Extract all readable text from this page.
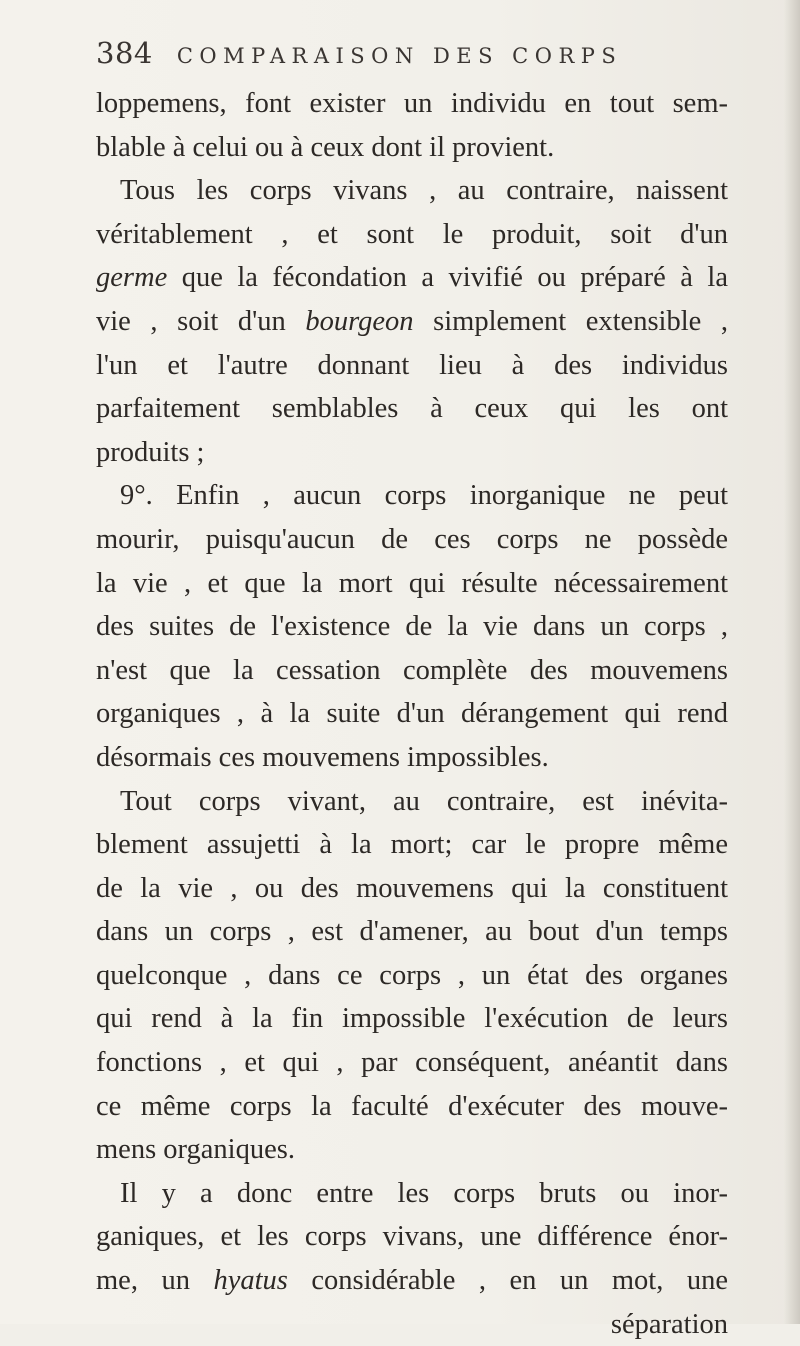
384 COMPARAISON DES CORPS
loppemens, font exister un individu en tout sem-
blable à celui ou à ceux dont il provient.
Tous les corps vivans , au contraire, naissent
véritablement , et sont le produit, soit d'un
germe que la fécondation a vivifié ou préparé à la
vie , soit d'un bourgeon simplement extensible ,
l'un et l'autre donnant lieu à des individus
parfaitement semblables à ceux qui les ont
produits ;
9°. Enfin , aucun corps inorganique ne peut
mourir, puisqu'aucun de ces corps ne possède
la vie , et que la mort qui résulte nécessairement
des suites de l'existence de la vie dans un corps ,
n'est que la cessation complète des mouvemens
organiques , à la suite d'un dérangement qui rend
désormais ces mouvemens impossibles.
Tout corps vivant, au contraire, est inévita-
blement assujetti à la mort; car le propre même
de la vie , ou des mouvemens qui la constituent
dans un corps , est d'amener, au bout d'un temps
quelconque , dans ce corps , un état des organes
qui rend à la fin impossible l'exécution de leurs
fonctions , et qui , par conséquent, anéantit dans
ce même corps la faculté d'exécuter des mouve-
mens organiques.
Il y a donc entre les corps bruts ou inor-
ganiques, et les corps vivans, une différence énor-
me, un hyatus considérable , en un mot, une
séparation
